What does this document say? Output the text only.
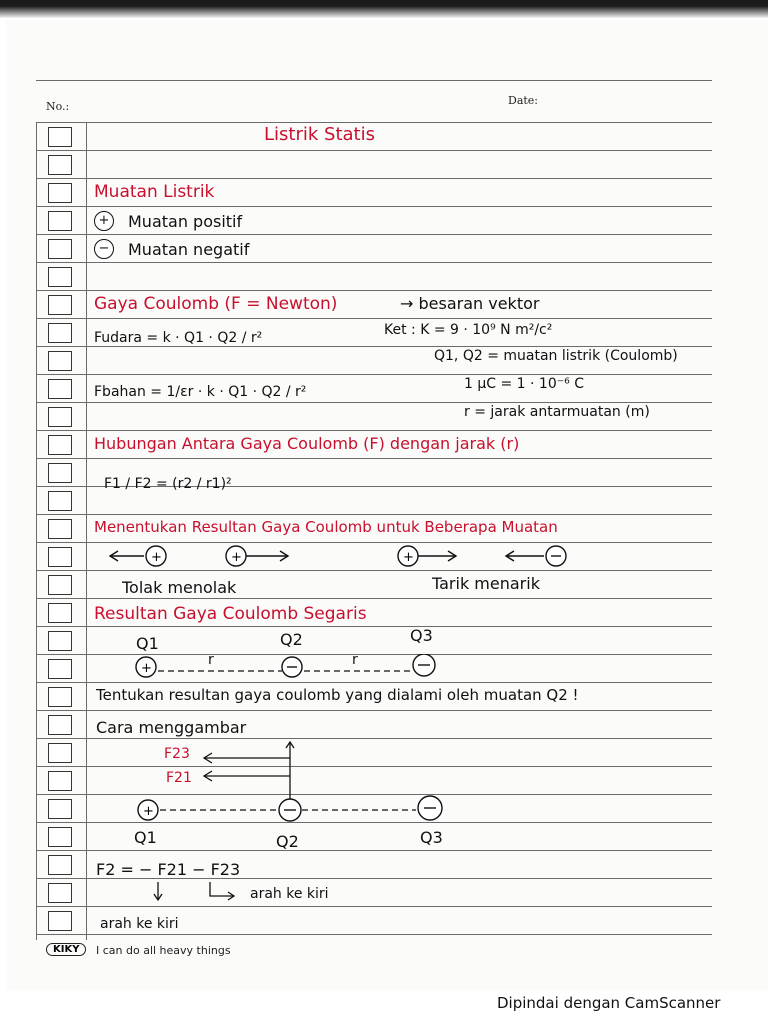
No.:	Date:
Listrik Statis
Muatan Listrik
+ Muatan positif
− Muatan negatif
Gaya Coulomb (F = Newton)	→ besaran vektor
Fudara = k · Q1 · Q2 / r²	Ket : K = 9 · 10⁹ N m²/c²
Q1, Q2 = muatan listrik (Coulomb)
Fbahan = 1/εr · k · Q1 · Q2 / r²	1 μC = 1 · 10⁻⁶ C
r = jarak antarmuatan (m)
Hubungan Antara Gaya Coulomb (F) dengan jarak (r)
F1 / F2 = (r2 / r1)²
Menentukan Resultan Gaya Coulomb untuk Beberapa Muatan
+	+	+
Tolak menolak	Tarik menarik
Resultan Gaya Coulomb Segaris
Q1	Q2	Q3
r	r
+
Tentukan resultan gaya coulomb yang dialami oleh muatan Q2 !
Cara menggambar
F23
F21
+
Q1	Q2	Q3
F2 = − F21 − F23
arah ke kiri
arah ke kiri
KIKY	I can do all heavy things
Dipindai dengan CamScanner
